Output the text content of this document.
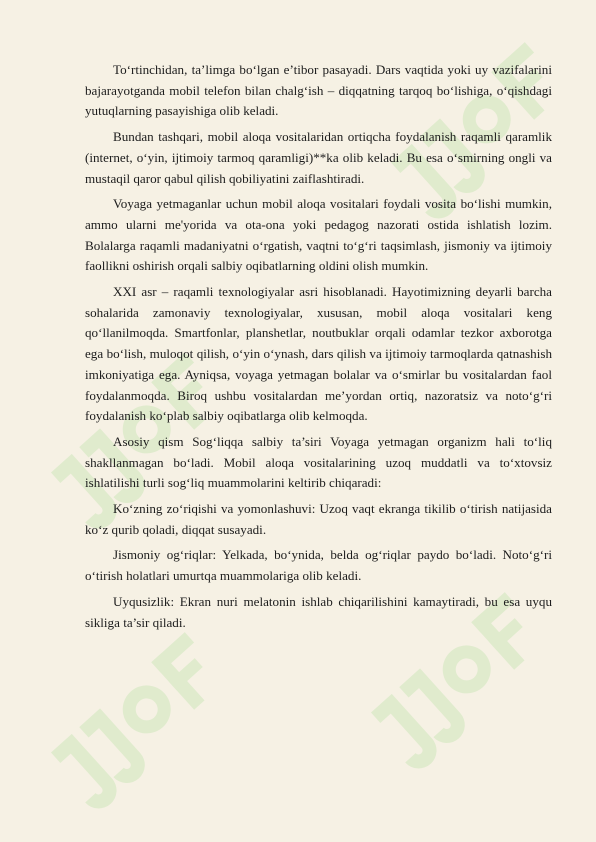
To‘rtinchidan, ta’limga bo‘lgan e’tibor pasayadi. Dars vaqtida yoki uy vazifalarini bajarayotganda mobil telefon bilan chalg‘ish – diqqatning tarqoq bo‘lishiga, o‘qishdagi yutuqlarning pasayishiga olib keladi.

Bundan tashqari, mobil aloqa vositalaridan ortiqcha foydalanish raqamli qaramlik (internet, o‘yin, ijtimoiy tarmoq qaramligi)**ka olib keladi. Bu esa o‘smirning ongli va mustaqil qaror qabul qilish qobiliyatini zaiflashtiradi.

Voyaga yetmaganlar uchun mobil aloqa vositalari foydali vosita bo‘lishi mumkin, ammo ularni me'yorida va ota-ona yoki pedagog nazorati ostida ishlatish lozim. Bolalarga raqamli madaniyatni o‘rgatish, vaqtni to‘g‘ri taqsimlash, jismoniy va ijtimoiy faollikni oshirish orqali salbiy oqibatlarning oldini olish mumkin.

XXI asr – raqamli texnologiyalar asri hisoblanadi. Hayotimizning deyarli barcha sohalarida zamonaviy texnologiyalar, xususan, mobil aloqa vositalari keng qo‘llanilmoqda. Smartfonlar, planshetlar, noutbuklar orqali odamlar tezkor axborotga ega bo‘lish, muloqot qilish, o‘yin o‘ynash, dars qilish va ijtimoiy tarmoqlarda qatnashish imkoniyatiga ega. Ayniqsa, voyaga yetmagan bolalar va o‘smirlar bu vositalardan faol foydalanmoqda. Biroq ushbu vositalardan me’yordan ortiq, nazoratsiz va noto‘g‘ri foydalanish ko‘plab salbiy oqibatlarga olib kelmoqda.

Asosiy qism Sog‘liqqa salbiy ta’siri Voyaga yetmagan organizm hali to‘liq shakllanmagan bo‘ladi. Mobil aloqa vositalarining uzoq muddatli va to‘xtovsiz ishlatilishi turli sog‘liq muammolarini keltirib chiqaradi:

Ko‘zning zo‘riqishi va yomonlashuvi: Uzoq vaqt ekranga tikilib o‘tirish natijasida ko‘z qurib qoladi, diqqat susayadi.

Jismoniy og‘riqlar: Yelkada, bo‘ynida, belda og‘riqlar paydo bo‘ladi. Noto‘g‘ri o‘tirish holatlari umurtqa muammolariga olib keladi.

Uyqusizlik: Ekran nuri melatonin ishlab chiqarilishini kamaytiradi, bu esa uyqu sikliga ta’sir qiladi.
